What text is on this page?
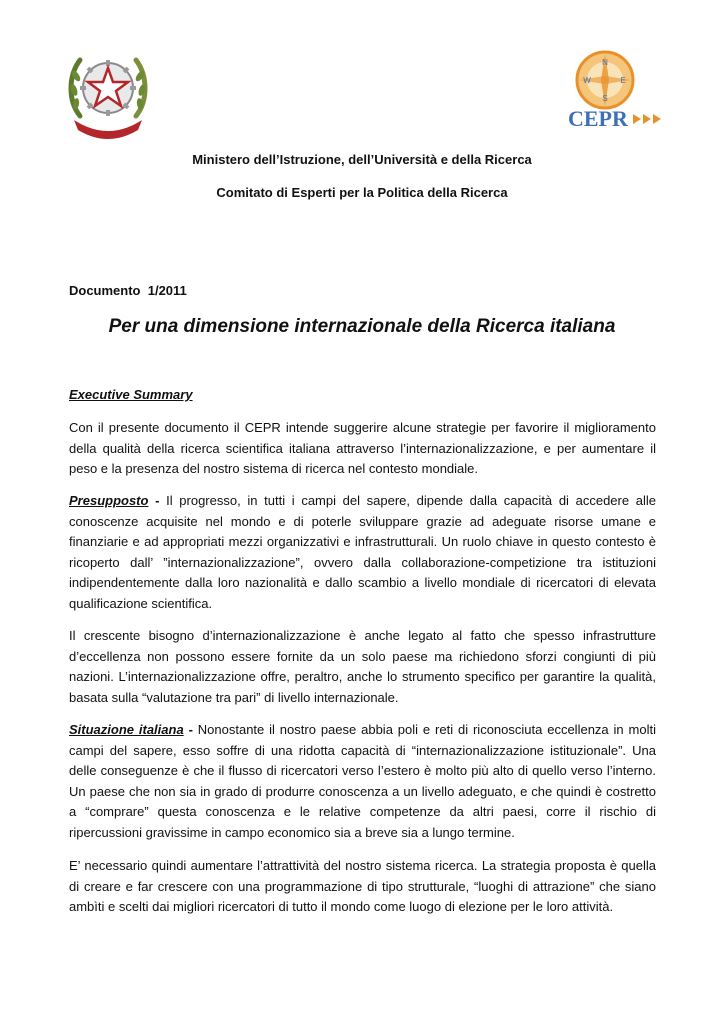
N
W	E
S
CEPR
Ministero dell’Istruzione, dell’Università e della Ricerca
Comitato di Esperti per la Politica della Ricerca
Documento  1/2011
Per una dimensione internazionale della Ricerca italiana
Executive Summary

Con il presente documento il CEPR intende suggerire alcune strategie per favorire il miglioramento della qualità della ricerca scientifica italiana attraverso l’internazionalizzazione, e per aumentare il peso e la presenza del nostro sistema di ricerca nel contesto mondiale.

Presupposto - Il progresso, in tutti i campi del sapere, dipende dalla capacità di accedere alle conoscenze acquisite nel mondo e di poterle sviluppare grazie ad adeguate risorse umane e finanziarie e ad appropriati mezzi organizzativi e infrastrutturali. Un ruolo chiave in questo contesto è ricoperto dall’ ”internazionalizzazione”, ovvero dalla collaborazione-competizione tra istituzioni indipendentemente dalla loro nazionalità e dallo scambio a livello mondiale di ricercatori di elevata qualificazione scientifica.

Il crescente bisogno d’internazionalizzazione è anche legato al fatto che spesso infrastrutture d’eccellenza non possono essere fornite da un solo paese ma richiedono sforzi congiunti di più nazioni. L’internazionalizzazione offre, peraltro, anche lo strumento specifico per garantire la qualità, basata sulla “valutazione tra pari” di livello internazionale.

Situazione italiana - Nonostante il nostro paese abbia poli e reti di riconosciuta eccellenza in molti campi del sapere, esso soffre di una ridotta capacità di “internazionalizzazione istituzionale”. Una delle conseguenze è che il flusso di ricercatori verso l’estero è molto più alto di quello verso l’interno. Un paese che non sia in grado di produrre conoscenza a un livello adeguato, e che quindi è costretto a “comprare” questa conoscenza e le relative competenze da altri paesi, corre il rischio di ripercussioni gravissime in campo economico sia a breve sia a lungo termine.

E’ necessario quindi aumentare l’attrattività del nostro sistema ricerca. La strategia proposta è quella di creare e far crescere con una programmazione di tipo strutturale, “luoghi di attrazione” che siano ambìti e scelti dai migliori ricercatori di tutto il mondo come luogo di elezione per le loro attività.
